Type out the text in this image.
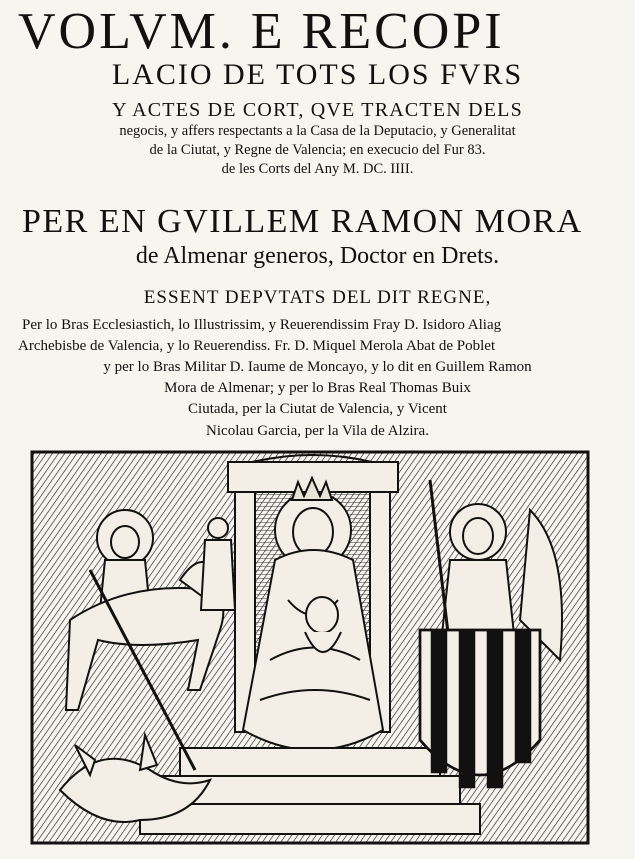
VOLVM. E RECOPI
LACIO DE TOTS LOS FVRS
Y ACTES DE CORT, QVE TRACTEN DELS
negocis, y affers respectants a la Casa de la Deputacio, y Generalitat
de la Ciutat, y Regne de Valencia; en execucio del Fur 83.
de les Corts del Any M. DC. IIII.
PER EN GVILLEM RAMON MORA
de Almenar generos, Doctor en Drets.
ESSENT DEPVTATS DEL DIT REGNE,
Per lo Bras Ecclesiastich, lo Illustrissim, y Reuerendissim Fray D. Isidoro Aliag
Archebisbe de Valencia, y lo Reuerendiss. Fr. D. Miquel Merola Abat de Poblet
y per lo Bras Militar D. Iaume de Moncayo, y lo dit en Guillem Ramon
Mora de Almenar; y per lo Bras Real Thomas Buix
Ciutada, per la Ciutat de Valencia, y Vicent
Nicolau Garcia, per la Vila de Alzira.
